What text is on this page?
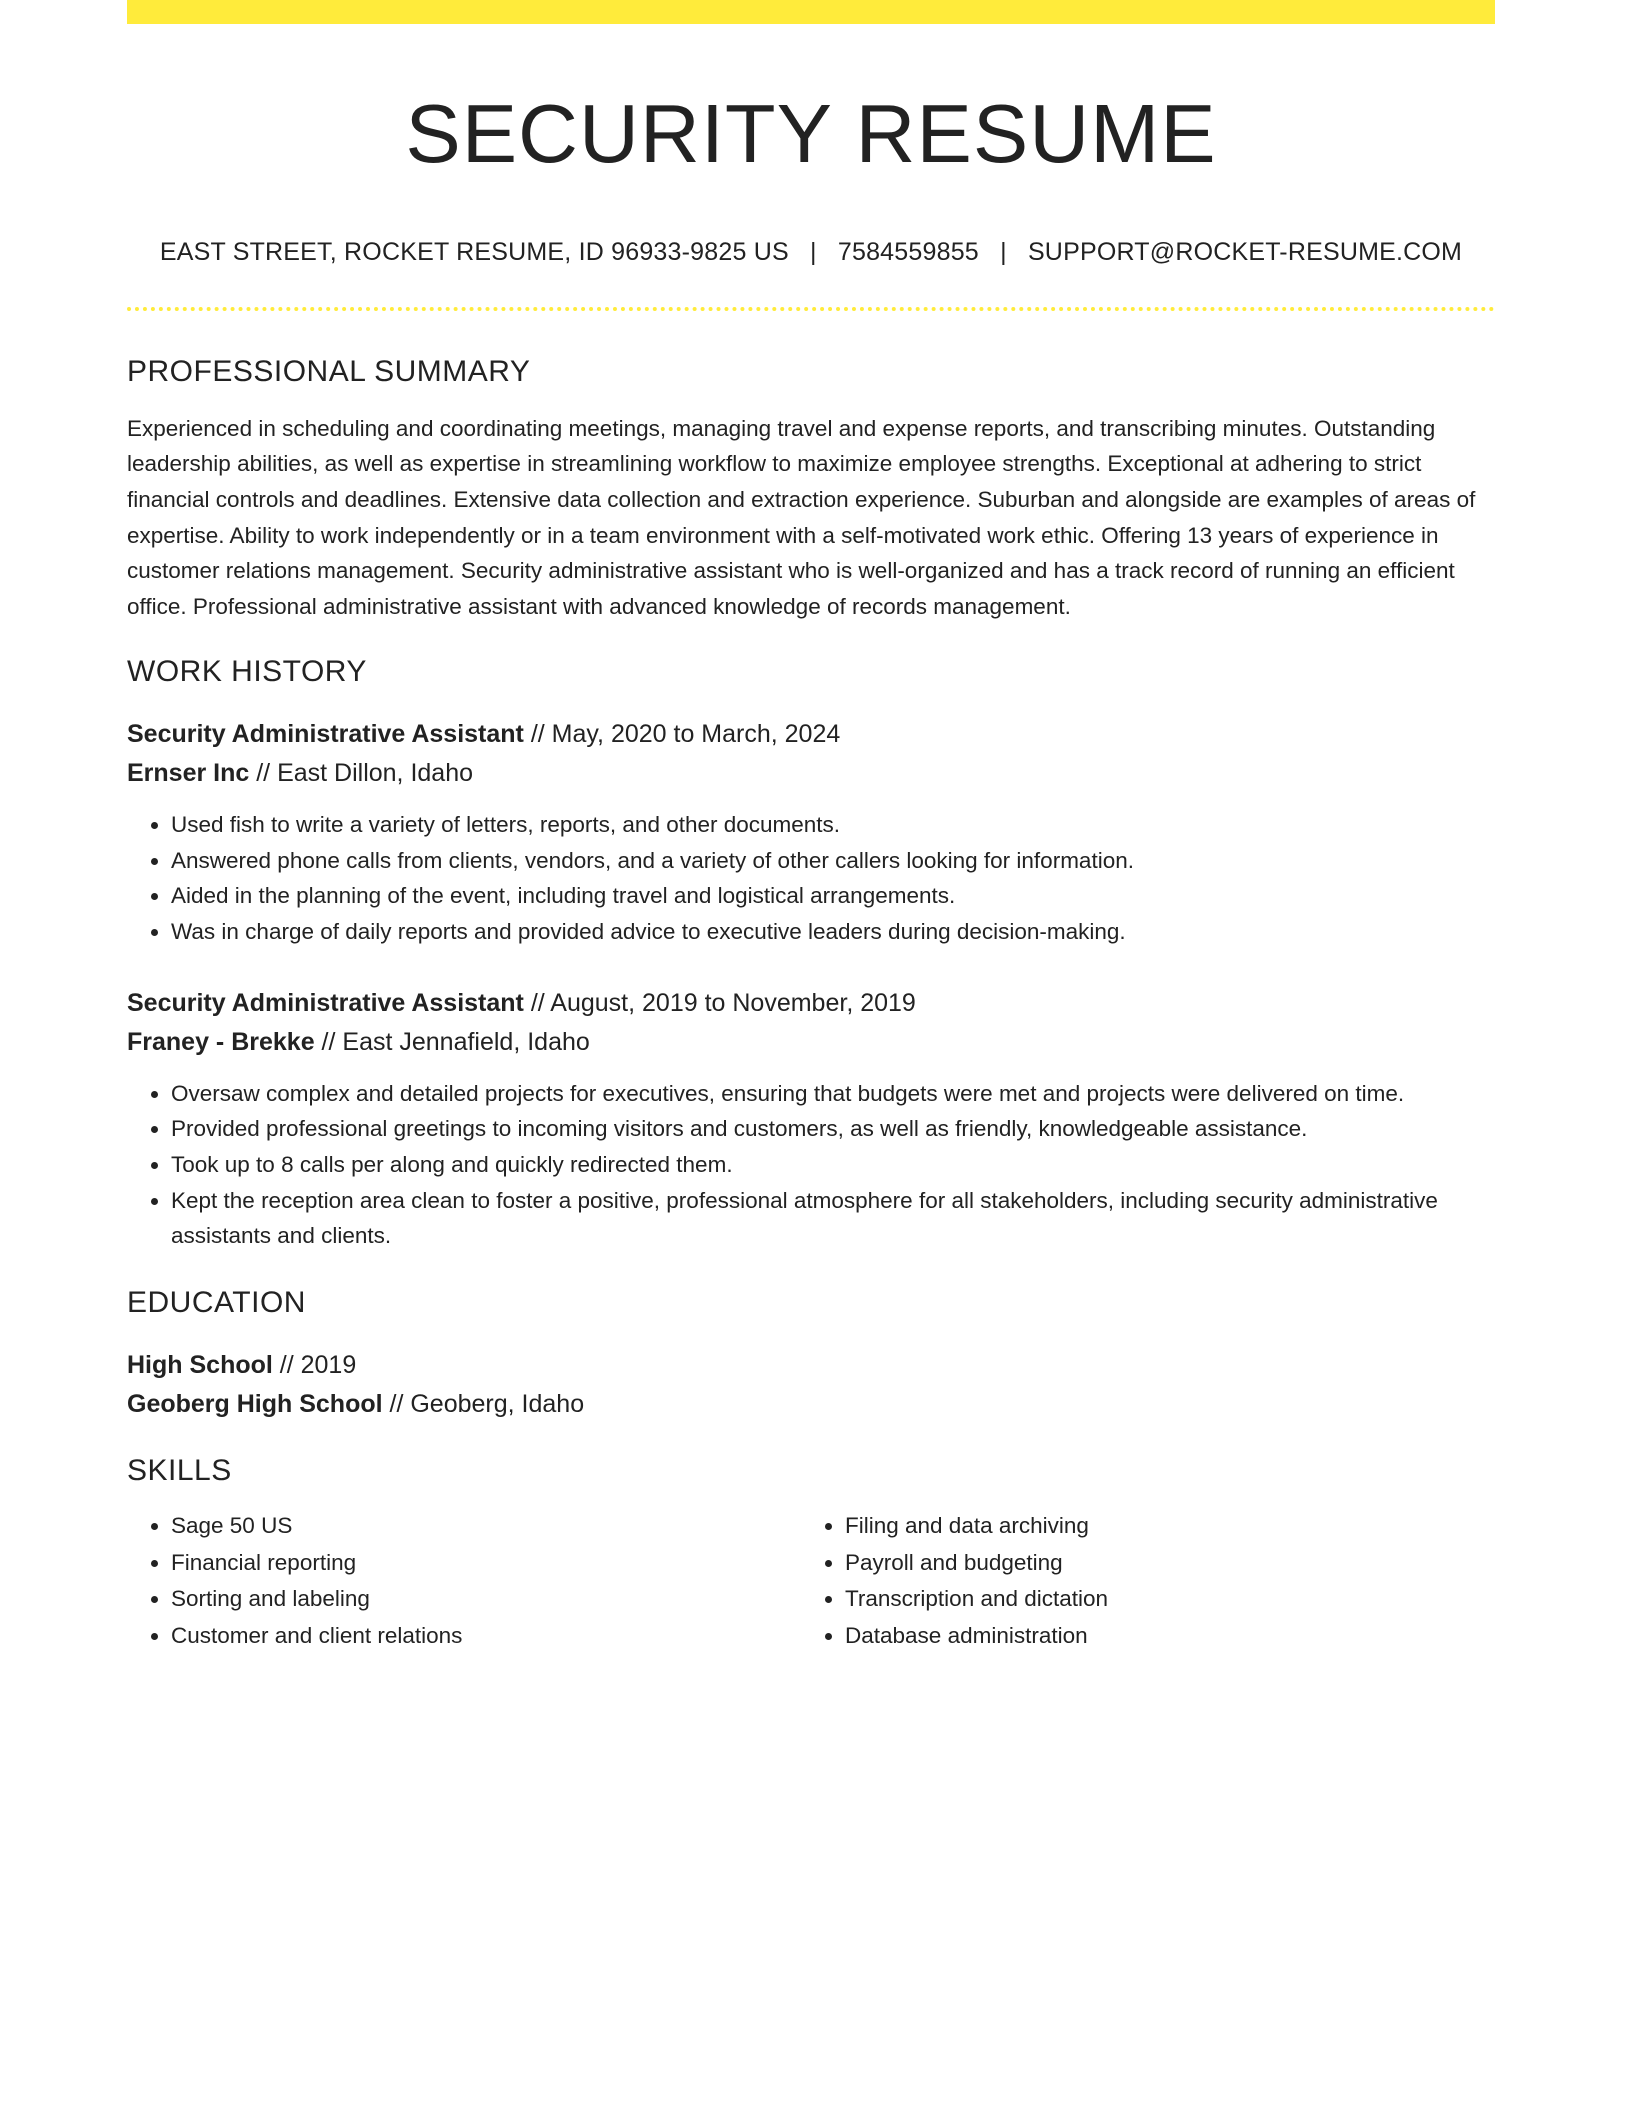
SECURITY RESUME
EAST STREET, ROCKET RESUME, ID 96933-9825 US | 7584559855 | SUPPORT@ROCKET-RESUME.COM
PROFESSIONAL SUMMARY
Experienced in scheduling and coordinating meetings, managing travel and expense reports, and transcribing minutes. Outstanding leadership abilities, as well as expertise in streamlining workflow to maximize employee strengths. Exceptional at adhering to strict financial controls and deadlines. Extensive data collection and extraction experience. Suburban and alongside are examples of areas of expertise. Ability to work independently or in a team environment with a self-motivated work ethic. Offering 13 years of experience in customer relations management. Security administrative assistant who is well-organized and has a track record of running an efficient office. Professional administrative assistant with advanced knowledge of records management.
WORK HISTORY
Security Administrative Assistant // May, 2020 to March, 2024
Ernser Inc // East Dillon, Idaho
• Used fish to write a variety of letters, reports, and other documents.
• Answered phone calls from clients, vendors, and a variety of other callers looking for information.
• Aided in the planning of the event, including travel and logistical arrangements.
• Was in charge of daily reports and provided advice to executive leaders during decision-making.
Security Administrative Assistant // August, 2019 to November, 2019
Franey - Brekke // East Jennafield, Idaho
• Oversaw complex and detailed projects for executives, ensuring that budgets were met and projects were delivered on time.
• Provided professional greetings to incoming visitors and customers, as well as friendly, knowledgeable assistance.
• Took up to 8 calls per along and quickly redirected them.
• Kept the reception area clean to foster a positive, professional atmosphere for all stakeholders, including security administrative assistants and clients.
EDUCATION
High School // 2019
Geoberg High School // Geoberg, Idaho
SKILLS
• Sage 50 US
• Financial reporting
• Sorting and labeling
• Customer and client relations
• Filing and data archiving
• Payroll and budgeting
• Transcription and dictation
• Database administration
